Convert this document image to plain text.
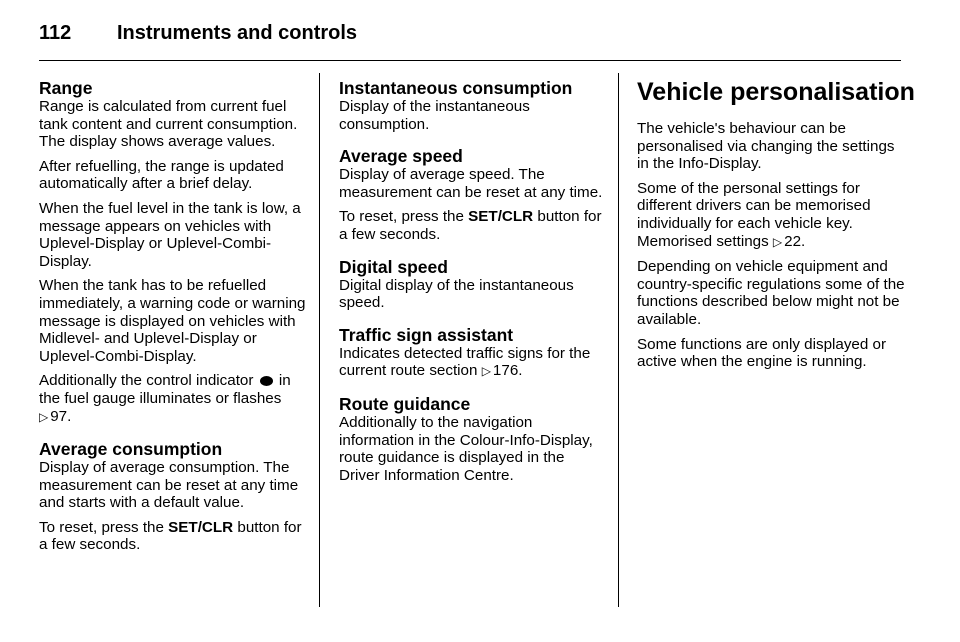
112 Instruments and controls
Range

Range is calculated from current fuel tank content and current consumption. The display shows average values.

After refuelling, the range is updated automatically after a brief delay.

When the fuel level in the tank is low, a message appears on vehicles with Uplevel-Display or Uplevel-Combi-Display.

When the tank has to be refuelled immediately, a warning code or warning message is displayed on vehicles with Midlevel- and Uplevel-Display or Uplevel-Combi-Display.

Additionally the control indicator in the fuel gauge illuminates or flashes
▷ 97.

Average consumption

Display of average consumption. The measurement can be reset at any time and starts with a default value.

To reset, press the SET/CLR button for a few seconds.

Instantaneous consumption

Display of the instantaneous consumption.

Average speed

Display of average speed. The measurement can be reset at any time.

To reset, press the SET/CLR button for a few seconds.

Digital speed

Digital display of the instantaneous speed.

Traffic sign assistant

Indicates detected traffic signs for the current route section ▷ 176.

Route guidance

Additionally to the navigation information in the Colour-Info-Display, route guidance is displayed in the Driver Information Centre.

Vehicle personalisation

The vehicle's behaviour can be personalised via changing the settings in the Info-Display.

Some of the personal settings for different drivers can be memorised individually for each vehicle key. Memorised settings ▷ 22.

Depending on vehicle equipment and country-specific regulations some of the functions described below might not be available.

Some functions are only displayed or active when the engine is running.
